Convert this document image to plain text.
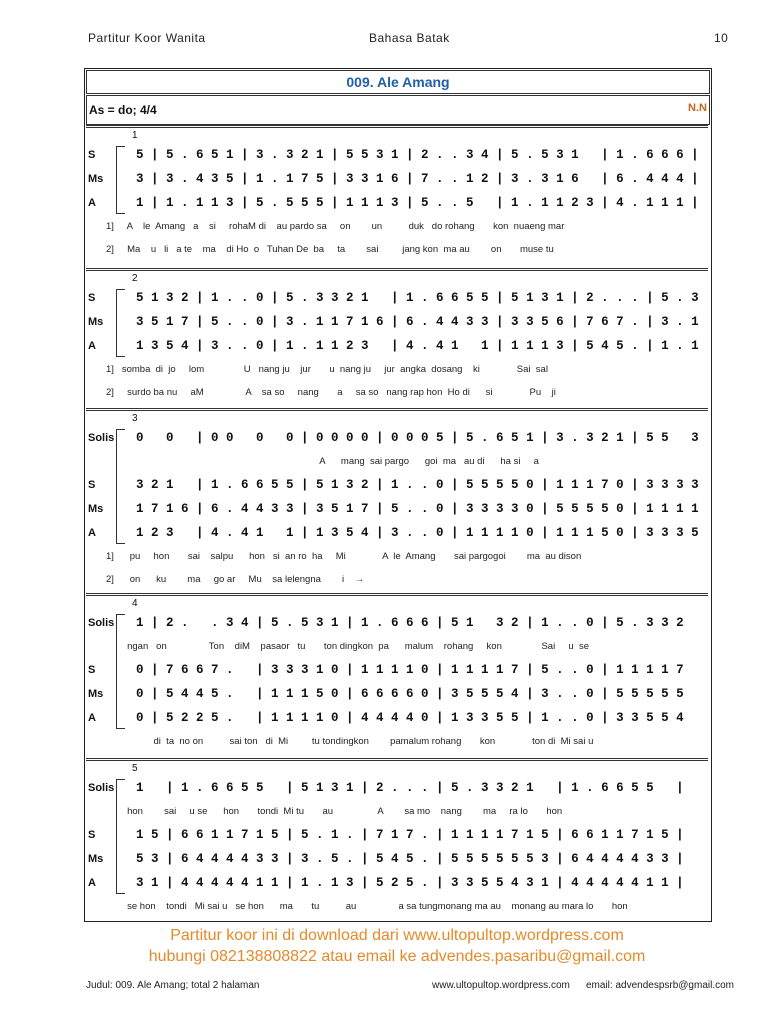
Partitur Koor Wanita	Bahasa Batak	10
009. Ale Amang
As = do; 4/4	N.N
1
S	5 | 5 . 6 5 1 | 3 . 3 2 1 | 5 5 3 1 | 2 . . 3 4 | 5 . 5 3 1   | 1 . 6 6 6 |
Ms	3 | 3 . 4 3 5 | 1 . 1 7 5 | 3 3 1 6 | 7 . . 1 2 | 3 . 3 1 6   | 6 . 4 4 4 |
A	1 | 1 . 1 1 3 | 5 . 5 5 5 | 1 1 1 3 | 5 . . 5   | 1 . 1 1 2 3 | 4 . 1 1 1 |
1]     A    le  Amang   a    si     rohaM di    au pardo sa     on        un          duk   do rohang       kon  nuaeng mar
2]     Ma    u   li   a te    ma    di Ho  o   Tuhan De  ba     ta        sai         jang kon  ma au        on       muse tu
2
S	5 1 3 2 | 1 . . 0 | 5 . 3 3 2 1   | 1 . 6 6 5 5 | 5 1 3 1 | 2 . . . | 5 . 3
Ms	3 5 1 7 | 5 . . 0 | 3 . 1 1 7 1 6 | 6 . 4 4 3 3 | 3 3 5 6 | 7 6 7 . | 3 . 1
A	1 3 5 4 | 3 . . 0 | 1 . 1 1 2 3   | 4 . 4 1   1 | 1 1 1 3 | 5 4 5 . | 1 . 1
1]   somba  di  jo     lom               U   nang ju    jur       u  nang ju     jur  angka  dosang    ki              Sai  sal
2]     surdo ba nu     aM                A    sa so     nang       a     sa so   nang rap hon  Ho di      si              Pu    ji
3
Solis 0   0   | 0 0   0   0 | 0 0 0 0 | 0 0 0 5 | 5 . 6 5 1 | 3 . 3 2 1 | 5 5   3
A      mang  sai pargo      goi  ma   au di      ha si     a
S	3 2 1   | 1 . 6 6 5 5 | 5 1 3 2 | 1 . . 0 | 5 5 5 5 0 | 1 1 1 7 0 | 3 3 3 3
Ms	1 7 1 6 | 6 . 4 4 3 3 | 3 5 1 7 | 5 . . 0 | 3 3 3 3 0 | 5 5 5 5 0 | 1 1 1 1
A	1 2 3   | 4 . 4 1   1 | 1 3 5 4 | 3 . . 0 | 1 1 1 1 0 | 1 1 1 5 0 | 3 3 3 5
1]      pu     hon       sai    salpu      hon   si  an ro  ha     Mi              A  le  Amang       sai pargogoi        ma  au dison
2]      on      ku        ma     go ar     Mu    sa lelengna        i    →
4
Solis 1 | 2 .   . 3 4 | 5 . 5 3 1 | 1 . 6 6 6 | 5 1   3 2 | 1 . . 0 | 5 . 3 3 2
ngan   on                Ton    diM    pasaor   tu       ton dingkon  pa      malum    rohang     kon               Sai     u  se
S	0 | 7 6 6 7 .   | 3 3 3 1 0 | 1 1 1 1 0 | 1 1 1 1 7 | 5 . . 0 | 1 1 1 1 7
Ms	0 | 5 4 4 5 .   | 1 1 1 5 0 | 6 6 6 6 0 | 3 5 5 5 4 | 3 . . 0 | 5 5 5 5 5
A	0 | 5 2 2 5 .   | 1 1 1 1 0 | 4 4 4 4 0 | 1 3 3 5 5 | 1 . . 0 | 3 3 5 5 4
di  ta  no on          sai ton   di  Mi         tu tondingkon        pamalum rohang       kon              ton di  Mi sai u
5
Solis 1   | 1 . 6 6 5 5   | 5 1 3 1 | 2 . . . | 5 . 3 3 2 1   | 1 . 6 6 5 5   |
hon        sai     u se      hon       tondi  Mi tu       au                 A        sa mo    nang        ma     ra lo       hon
S	1 5 | 6 6 1 1 7 1 5 | 5 . 1 . | 7 1 7 . | 1 1 1 1 7 1 5 | 6 6 1 1 7 1 5 |
Ms	5 3 | 6 4 4 4 4 3 3 | 3 . 5 . | 5 4 5 . | 5 5 5 5 5 5 3 | 6 4 4 4 4 3 3 |
A	3 1 | 4 4 4 4 4 1 1 | 1 . 1 3 | 5 2 5 . | 3 3 5 5 4 3 1 | 4 4 4 4 4 1 1 |
se hon    tondi   Mi sai u   se hon      ma       tu          au                a sa tungmonang ma au    monang au mara lo       hon
Partitur koor ini di download dari www.ultopultop.wordpress.com
hubungi 082138808822 atau email ke advendes.pasaribu@gmail.com
Judul: 009. Ale Amang; total 2 halaman	www.ultopultop.wordpress.com email: advendespsrb@gmail.com
